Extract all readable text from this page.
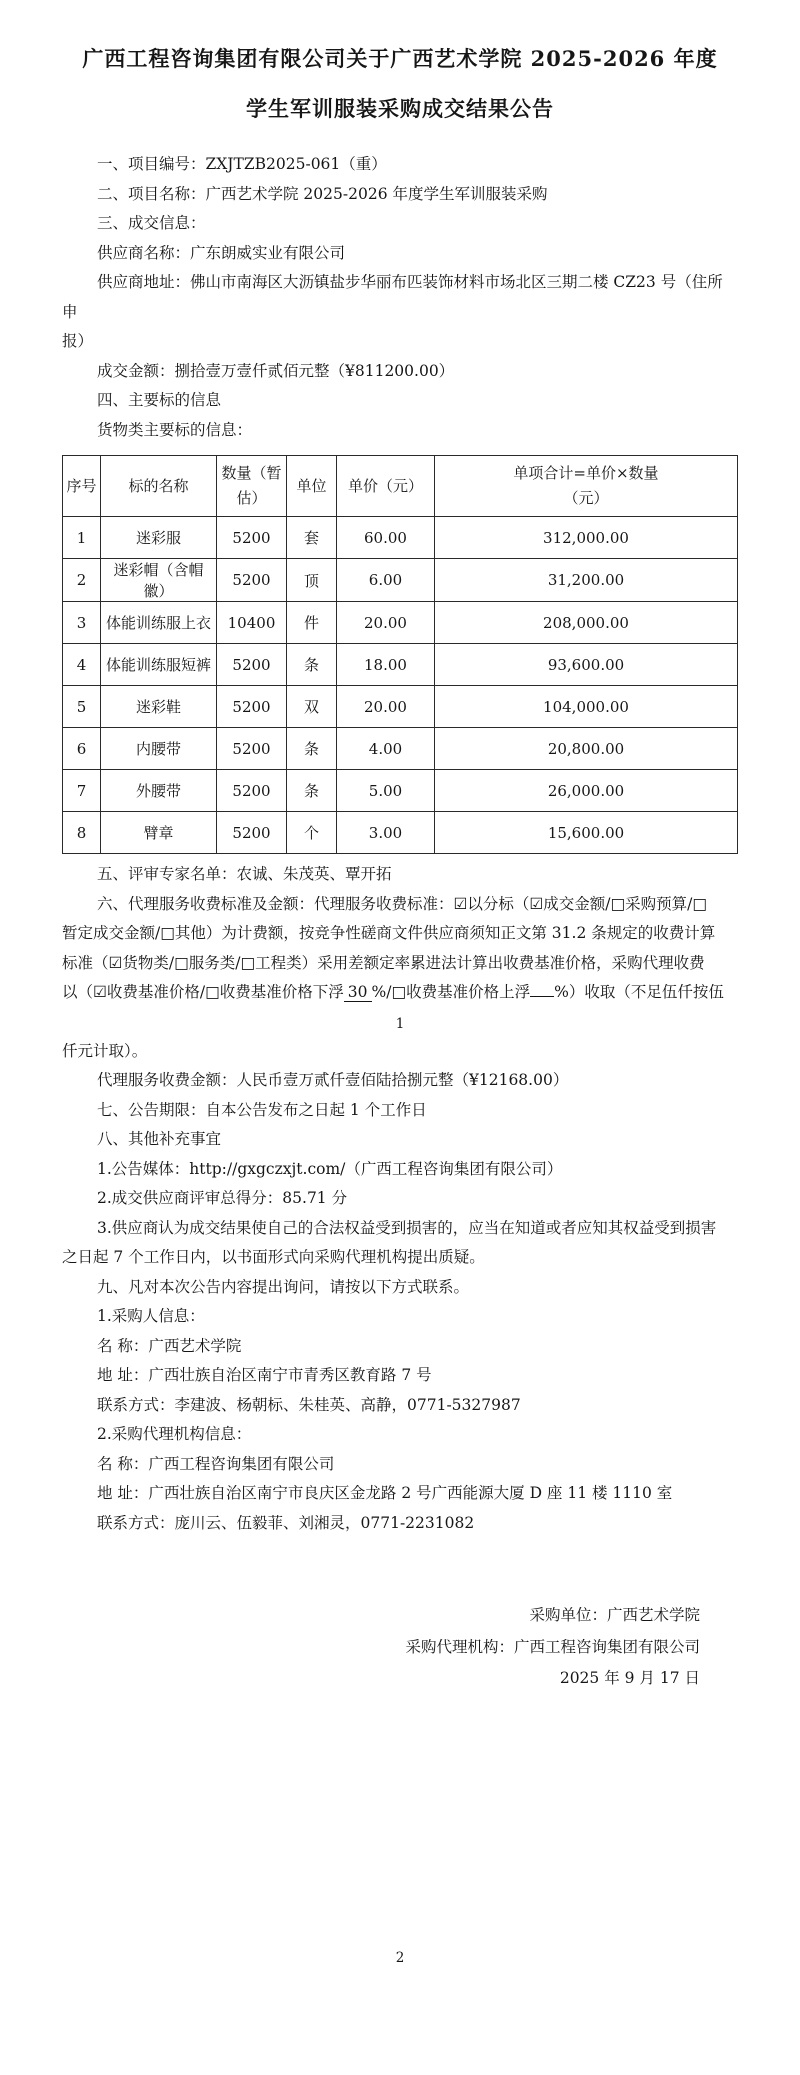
广西工程咨询集团有限公司关于广西艺术学院 2025-2026 年度
学生军训服装采购成交结果公告

一、项目编号：ZXJTZB2025-061（重）

二、项目名称：广西艺术学院 2025-2026 年度学生军训服装采购

三、成交信息：

供应商名称：广东朗威实业有限公司

供应商地址：佛山市南海区大沥镇盐步华丽布匹装饰材料市场北区三期二楼 CZ23 号（住所申

报）

成交金额：捌拾壹万壹仟贰佰元整（¥811200.00）

四、主要标的信息

货物类主要标的信息：

序号	标的名称	数量（暂估）	单位	单价（元）	单项合计=单价×数量
（元）

1	迷彩服	5200	套	60.00	312,000.00
2	迷彩帽（含帽徽）	5200	顶	6.00	31,200.00
3	体能训练服上衣	10400	件	20.00	208,000.00
4	体能训练服短裤	5200	条	18.00	93,600.00
5	迷彩鞋	5200	双	20.00	104,000.00
6	内腰带	5200	条	4.00	20,800.00
7	外腰带	5200	条	5.00	26,000.00
8	臂章	5200	个	3.00	15,600.00

五、评审专家名单：农诚、朱茂英、覃开拓

六、代理服务收费标准及金额：代理服务收费标准：☑以分标（☑成交金额/□采购预算/□

暂定成交金额/□其他）为计费额，按竞争性磋商文件供应商须知正文第 31.2 条规定的收费计算

标准（☑货物类/□服务类/□工程类）采用差额定率累进法计算出收费基准价格，采购代理收费

以（☑收费基准价格/□收费基准价格下浮 30 %/□收费基准价格上浮 %）收取（不足伍仟按伍

1

仟元计取）。

代理服务收费金额：人民币壹万贰仟壹佰陆拾捌元整（¥12168.00）

七、公告期限：自本公告发布之日起 1 个工作日

八、其他补充事宜

1.公告媒体：http://gxgczxjt.com/（广西工程咨询集团有限公司）

2.成交供应商评审总得分：85.71 分

3.供应商认为成交结果使自己的合法权益受到损害的，应当在知道或者应知其权益受到损害

之日起 7 个工作日内，以书面形式向采购代理机构提出质疑。

九、凡对本次公告内容提出询问，请按以下方式联系。

1.采购人信息：

名 称：广西艺术学院

地 址：广西壮族自治区南宁市青秀区教育路 7 号

联系方式：李建波、杨朝标、朱桂英、高静，0771-5327987

2.采购代理机构信息：

名 称：广西工程咨询集团有限公司

地 址：广西壮族自治区南宁市良庆区金龙路 2 号广西能源大厦 D 座 11 楼 1110 室

联系方式：庞川云、伍毅菲、刘湘灵，0771-2231082

采购单位：广西艺术学院

采购代理机构：广西工程咨询集团有限公司

2025 年 9 月 17 日

2
